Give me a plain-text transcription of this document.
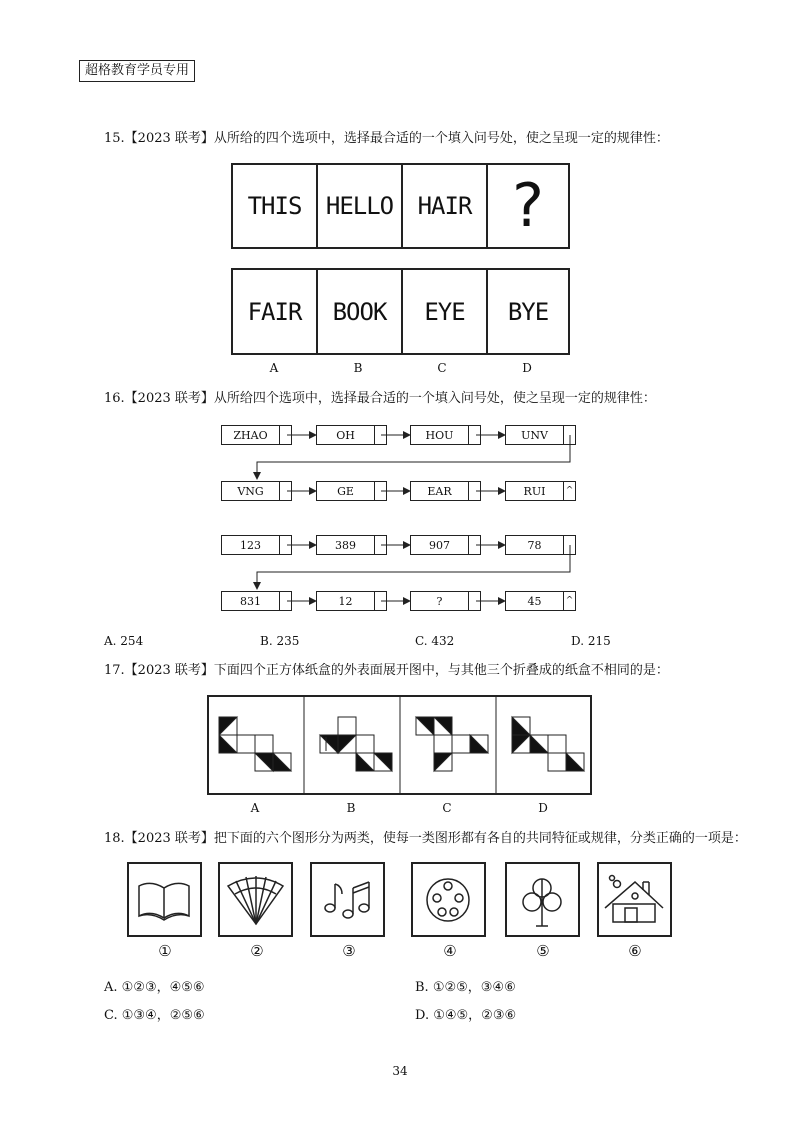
超格教育学员专用
15.【2023 联考】从所给的四个选项中，选择最合适的一个填入问号处，使之呈现一定的规律性：
THIS HELLO HAIR ?
FAIR BOOK EYE BYE
A	B	C	D
16.【2023 联考】从所给四个选项中，选择最合适的一个填入问号处，使之呈现一定的规律性：
ZHAO	OH	HOU	UNV
VNG	GE	EAR	RUI	^
123	389	907	78
831	12	?	45	^
A. 254	B. 235	C. 432	D. 215
17.【2023 联考】下面四个正方体纸盒的外表面展开图中，与其他三个折叠成的纸盒不相同的是：
A	B	C	D
18.【2023 联考】把下面的六个图形分为两类，使每一类图形都有各自的共同特征或规律，分类正确的一项是：
①	②	③	④	⑤	⑥
A. ①②③，④⑤⑥	B. ①②⑤，③④⑥
C. ①③④，②⑤⑥	D. ①④⑤，②③⑥
34
